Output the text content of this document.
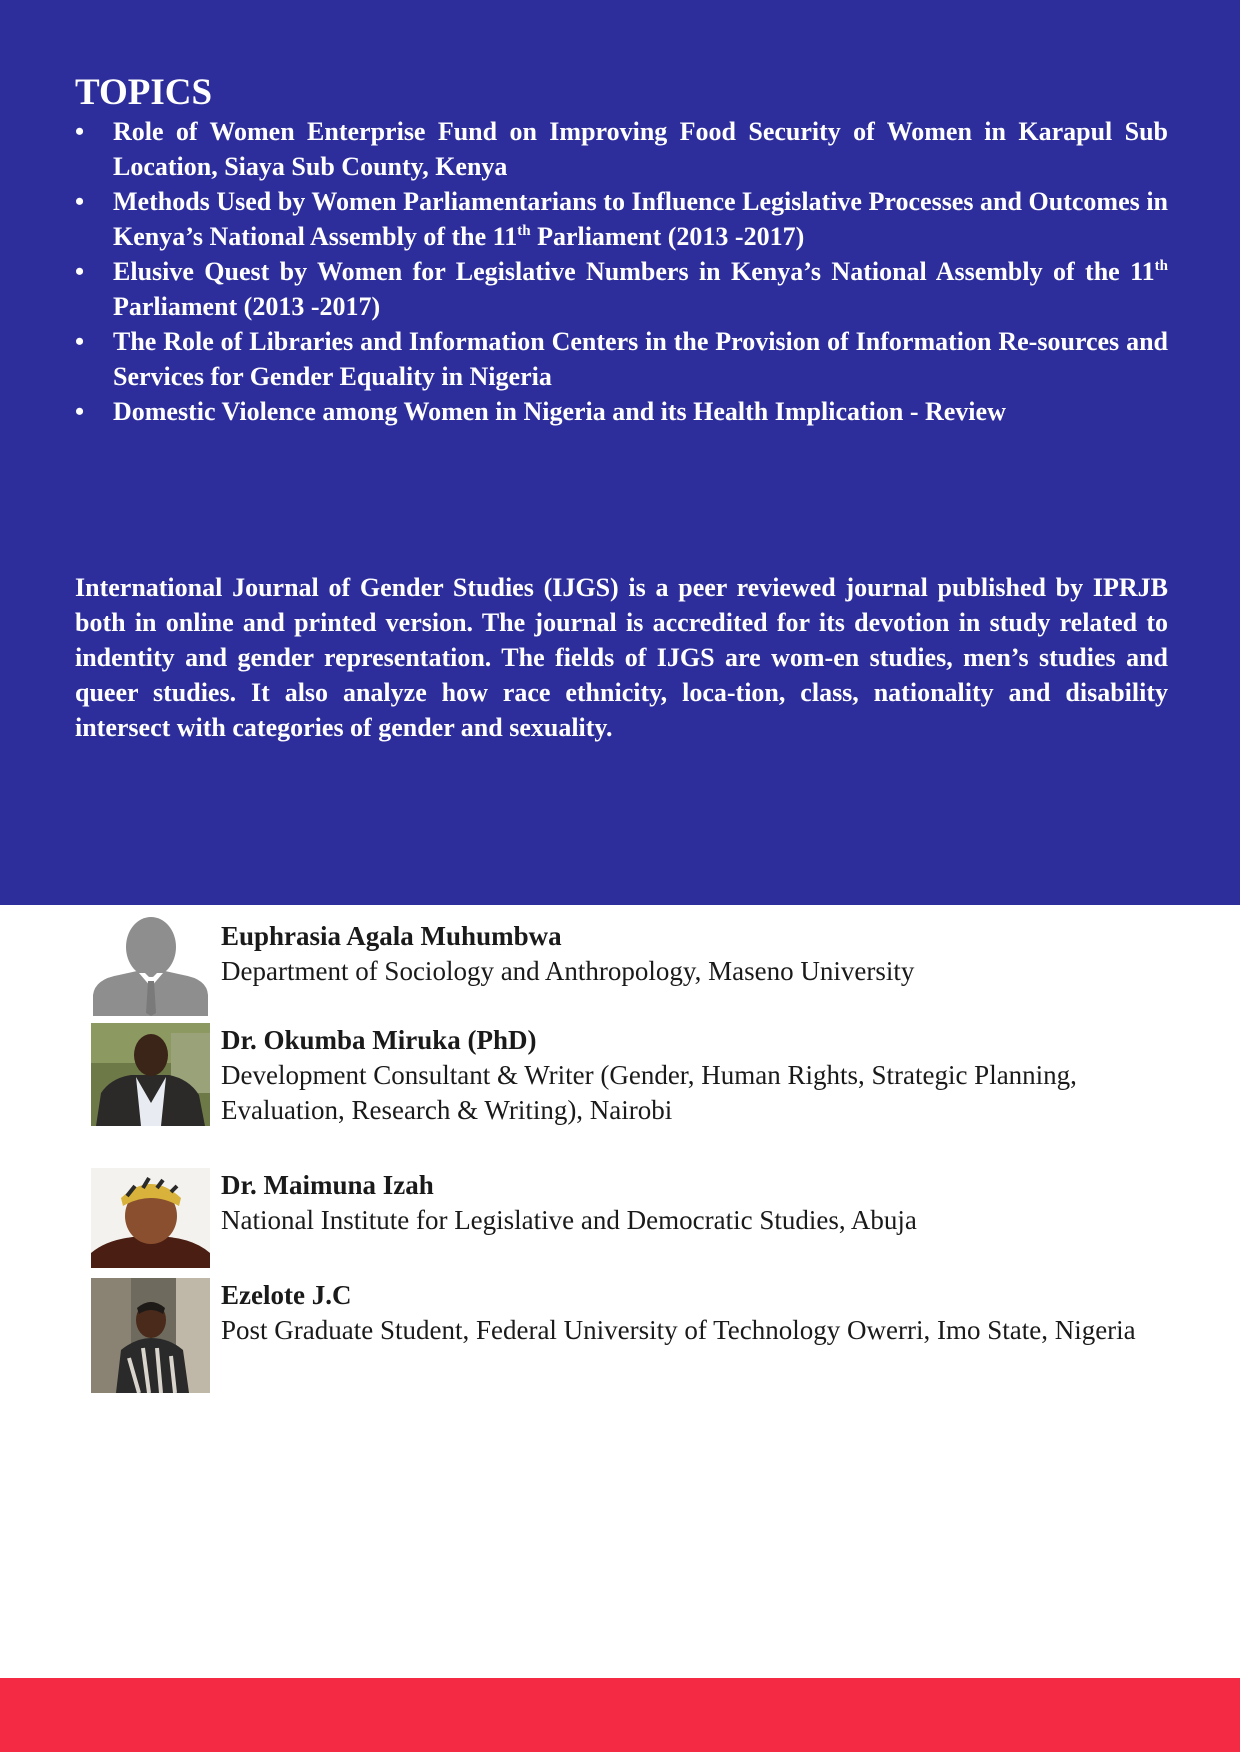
TOPICS
• Role of Women Enterprise Fund on Improving Food Security of Women in Karapul Sub Location, Siaya Sub County, Kenya
• Methods Used by Women Parliamentarians to Influence Legislative Processes and Outcomes in Kenya’s National Assembly of the 11th Parliament (2013 -2017)
• Elusive Quest by Women for Legislative Numbers in Kenya’s National Assembly of the 11th Parliament (2013 -2017)
• The Role of Libraries and Information Centers in the Provision of Information Re-sources and Services for Gender Equality in Nigeria
• Domestic Violence among Women in Nigeria and its Health Implication - Review

International Journal of Gender Studies (IJGS) is a peer reviewed journal published by IPRJB both in online and printed version. The journal is accredited for its devotion in study related to indentity and gender representation. The fields of IJGS are wom-en studies, men’s studies and queer studies. It also analyze how race ethnicity, loca-tion, class, nationality and disability intersect with categories of gender and sexuality.

Euphrasia Agala Muhumbwa

Department of Sociology and Anthropology, Maseno University

Dr. Okumba Miruka (PhD)

Development Consultant & Writer (Gender, Human Rights, Strategic Planning, Evaluation, Research & Writing), Nairobi

Dr. Maimuna Izah

National Institute for Legislative and Democratic Studies, Abuja

Ezelote J.C

Post Graduate Student, Federal University of Technology Owerri, Imo State, Nigeria
